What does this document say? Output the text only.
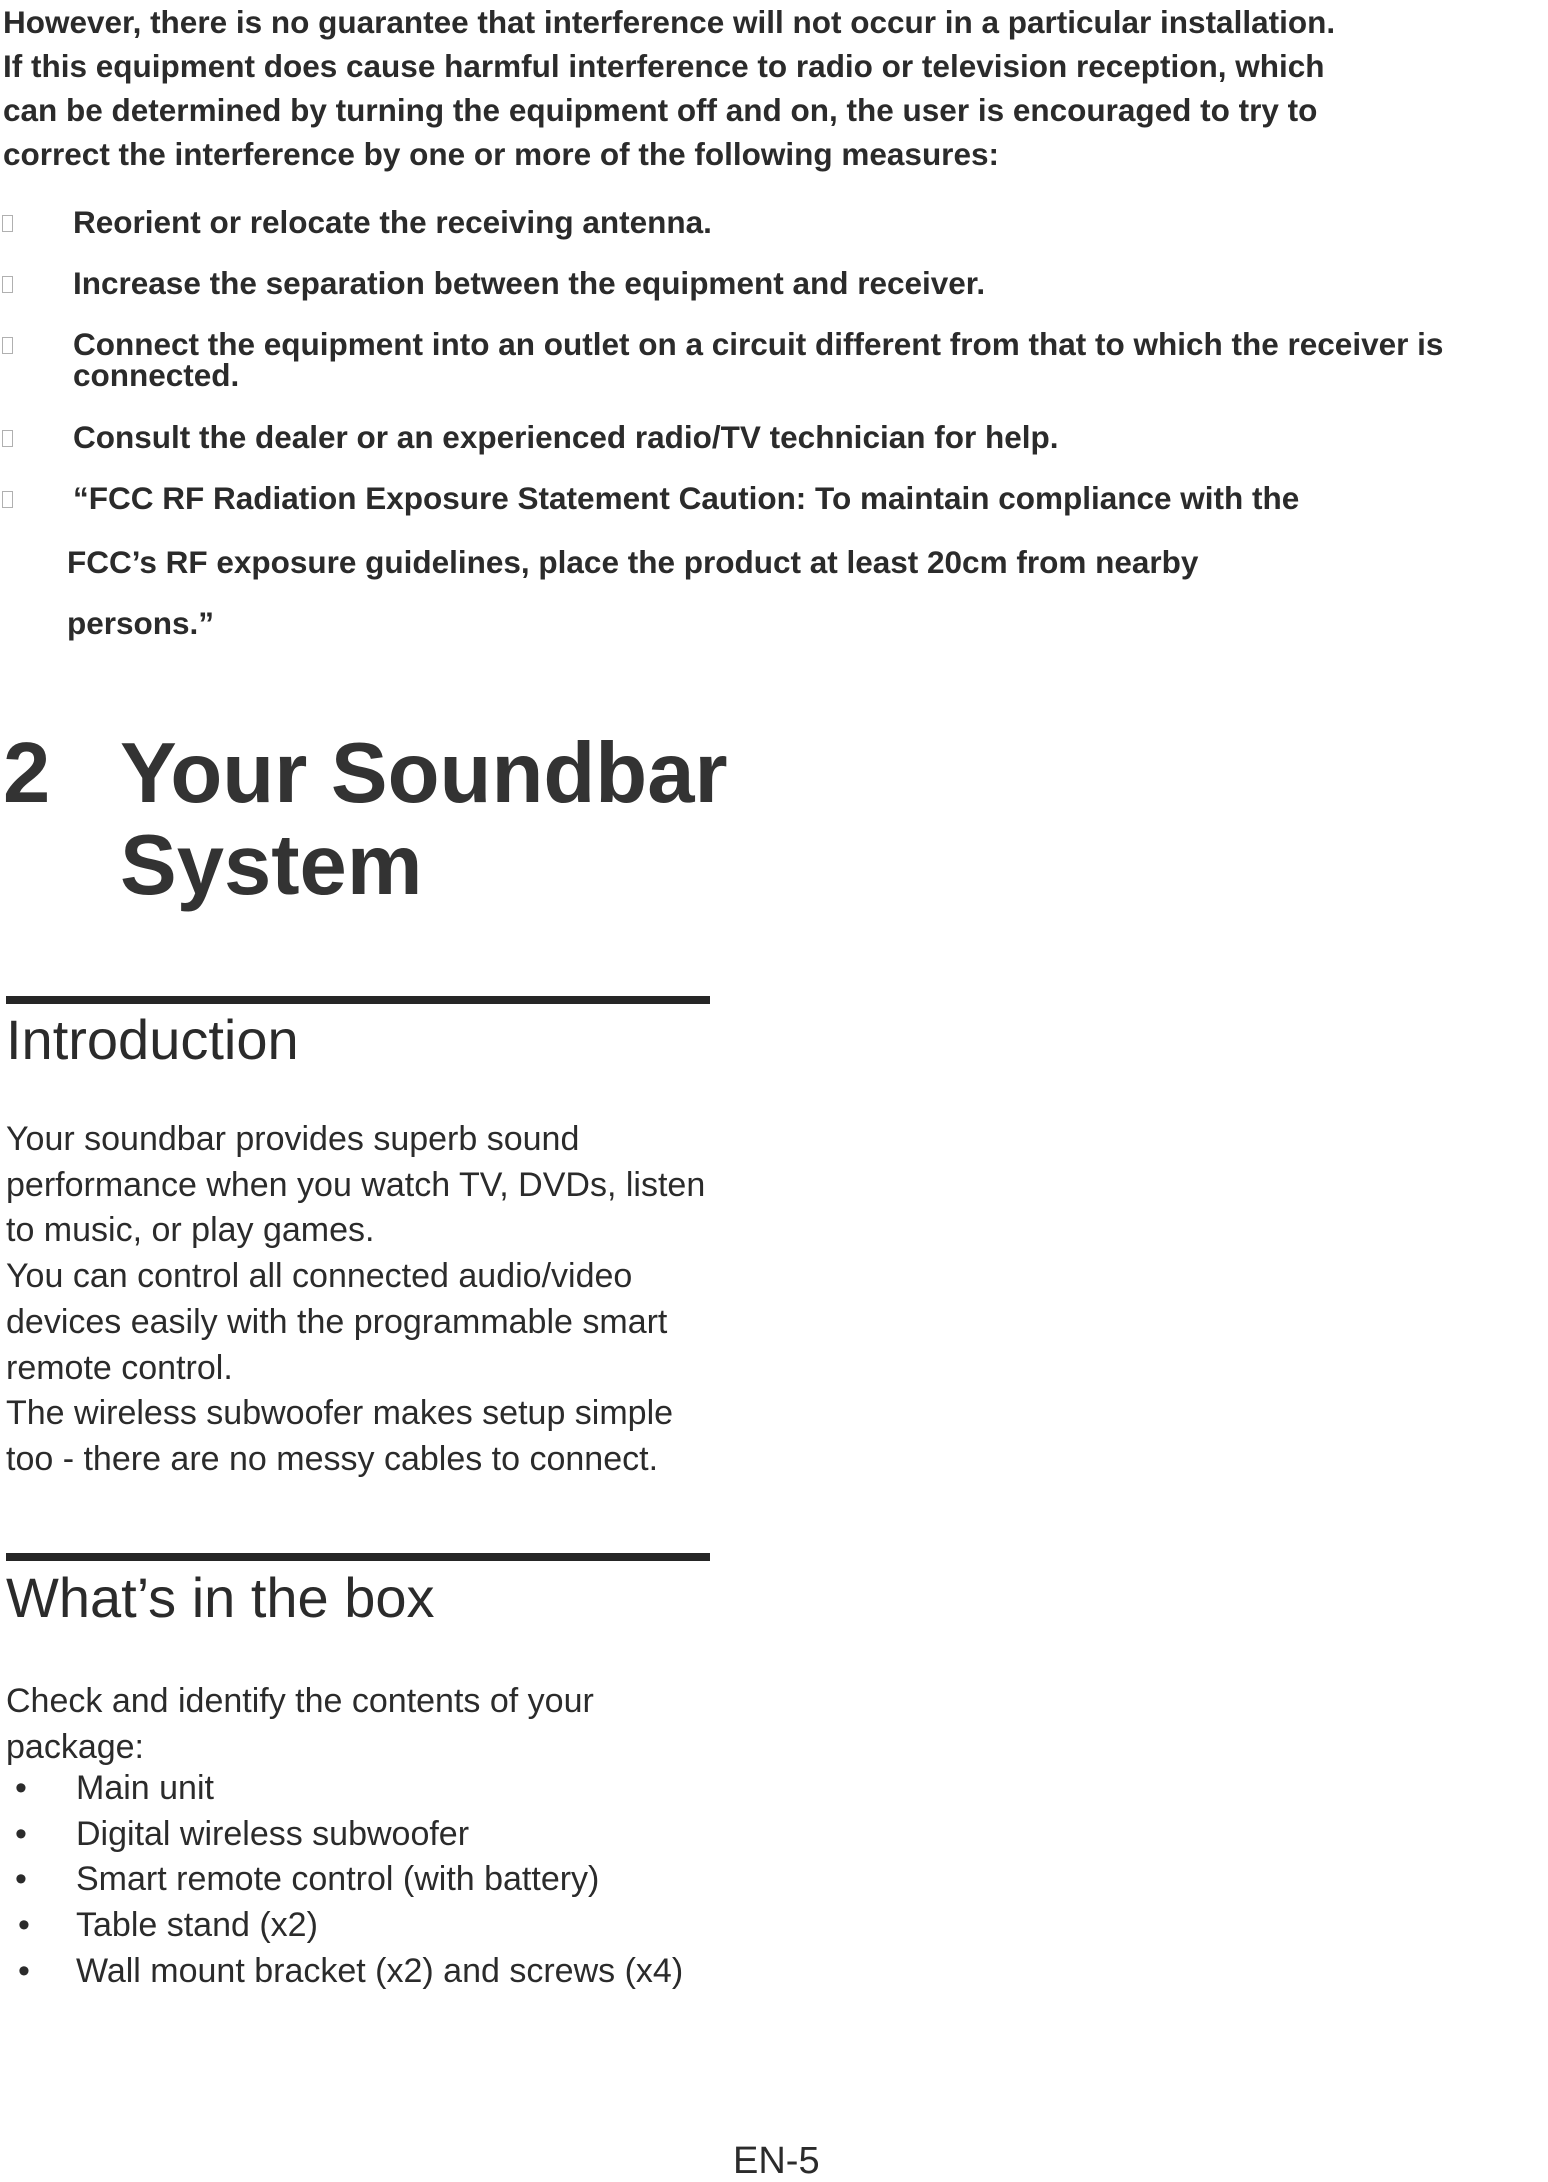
However, there is no guarantee that interference will not occur in a particular installation.
If this equipment does cause harmful interference to radio or television reception, which
can be determined by turning the equipment off and on, the user is encouraged to try to
correct the interference by one or more of the following measures:

Reorient or relocate the receiving antenna.
Increase the separation between the equipment and receiver.
Connect the equipment into an outlet on a circuit different from that to which the receiver is connected.
Consult the dealer or an experienced radio/TV technician for help.
“FCC RF Radiation Exposure Statement Caution: To maintain compliance with the
FCC’s RF exposure guidelines, place the product at least 20cm from nearby
persons.”
2 Your Soundbar
System
Introduction
Your soundbar provides superb sound
performance when you watch TV, DVDs, listen
to music, or play games.
You can control all connected audio/video
devices easily with the programmable smart
remote control.
The wireless subwoofer makes setup simple
too - there are no messy cables to connect.
What’s in the box
Check and identify the contents of your
package:
• Main unit
• Digital wireless subwoofer
• Smart remote control (with battery)
• Table stand (x2)
• Wall mount bracket (x2) and screws (x4)
EN-5
